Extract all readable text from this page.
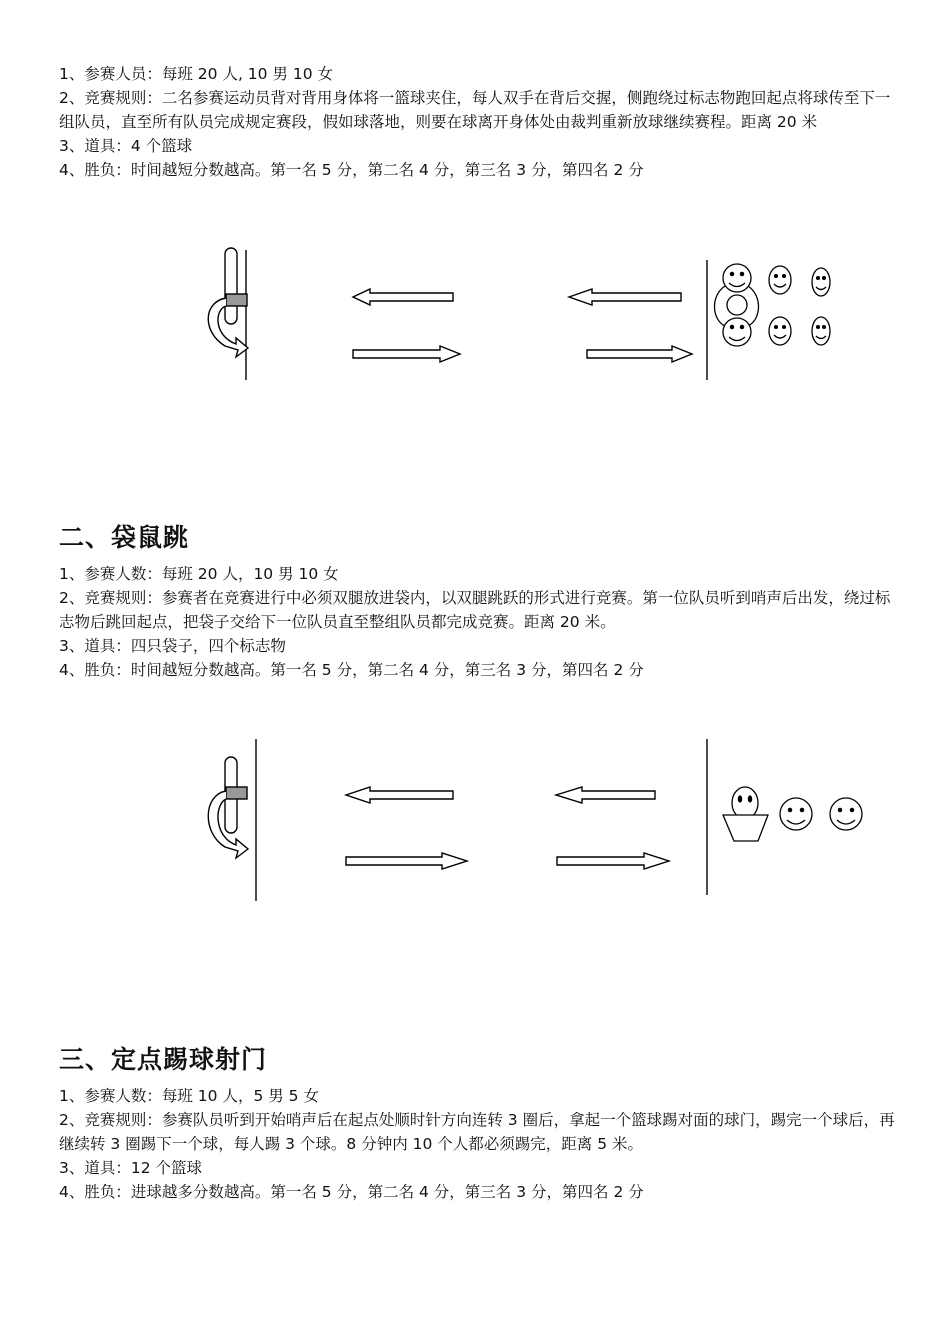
1、参赛人员：每班 20 人, 10 男 10 女
2、竞赛规则：二名参赛运动员背对背用身体将一篮球夹住，每人双手在背后交握，侧跑绕过标志物跑回起点将球传至下一组队员，直至所有队员完成规定赛段，假如球落地，则要在球离开身体处由裁判重新放球继续赛程。距离 20 米
3、道具：4 个篮球
4、胜负：时间越短分数越高。第一名 5 分，第二名 4 分，第三名 3 分，第四名 2 分
二、袋鼠跳
1、参赛人数：每班 20 人，10 男 10 女
2、竞赛规则：参赛者在竞赛进行中必须双腿放进袋内，以双腿跳跃的形式进行竞赛。第一位队员听到哨声后出发，绕过标志物后跳回起点，把袋子交给下一位队员直至整组队员都完成竞赛。距离 20 米。
3、道具：四只袋子，四个标志物
4、胜负：时间越短分数越高。第一名 5 分，第二名 4 分，第三名 3 分，第四名 2 分
三、定点踢球射门
1、参赛人数：每班 10 人，5 男 5 女
2、竞赛规则：参赛队员听到开始哨声后在起点处顺时针方向连转 3 圈后，拿起一个篮球踢对面的球门，踢完一个球后，再继续转 3 圈踢下一个球，每人踢 3 个球。8 分钟内 10 个人都必须踢完，距离 5 米。
3、道具：12 个篮球
4、胜负：进球越多分数越高。第一名 5 分，第二名 4 分，第三名 3 分，第四名 2 分
